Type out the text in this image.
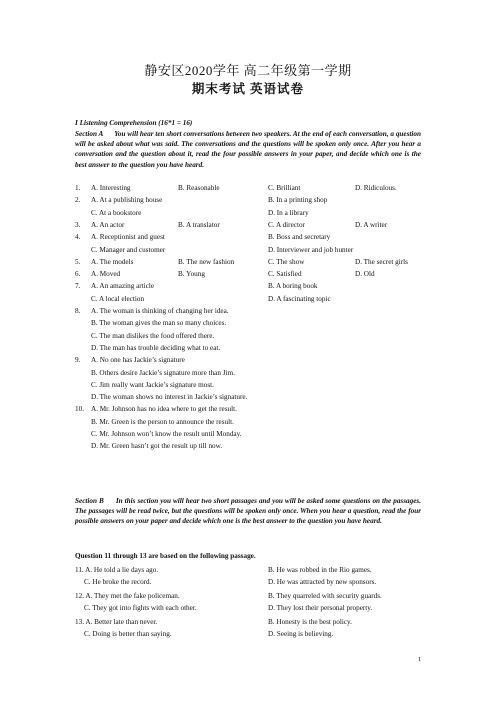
静安区2020学年 高二年级第一学期
期末考试 英语试卷
I Listening Comprehension (16*1 = 16)
Section A You will hear ten short conversations between two speakers. At the end of each conversation, a question will be asked about what was said. The conversations and the questions will be spoken only once. After you hear a conversation and the question about it, read the four possible answers in your paper, and decide which one is the best answer to the question you have heard.
1. A. Interesting	B. Reasonable	C. Brilliant	D. Ridiculous.
2. A. At a publishing house	B. In a printing shop
C. At a bookstore	D. In a library
3. A. An actor	B. A translator	C. A director	D. A writer
4. A. Receptionist and guest	B. Boss and secretary
C. Manager and customer	D. Interviewer and job hunter
5. A. The models	B. The new fashion	C. The show	D. The secret girls
6. A. Moved	B. Young	C. Satisfied	D. Old
7. A. An amazing article	B. A boring book
C. A local election	D. A fascinating topic
8. A. The woman is thinking of changing her idea.
B. The woman gives the man so many choices.
C. The man dislikes the food offered there.
D. The man has trouble deciding what to eat.
9. A. No one has Jackie’s signature
B. Others desire Jackie’s signature more than Jim.
C. Jim really want Jackie’s signature most.
D. The woman shows no interest in Jackie’s signature.
10. A. Mr. Johnson has no idea where to get the result.
B. Mr. Green is the person to announce the result.
C. Mr. Johnson won’t know the result until Monday.
D. Mr. Green hasn’t got the result up till now.
Section B In this section you will hear two short passages and you will be asked some questions on the passages. The passages will be read twice, but the questions will be spoken only once. When you hear a question, read the four possible answers on your paper and decide which one is the best answer to the question you have heard.
Question 11 through 13 are based on the following passage.
11. A. He told a lie days ago.	B. He was robbed in the Rio games.
C. He broke the record.	D. He was attracted by new sponsors.
12. A. They met the fake policeman.	B. They quarreled with security guards.
C. They got into fights with each other.	D. They lost their personal property.
13. A. Better late than never.	B. Honesty is the best policy.
C. Doing is better than saying.	D. Seeing is believing.
1
